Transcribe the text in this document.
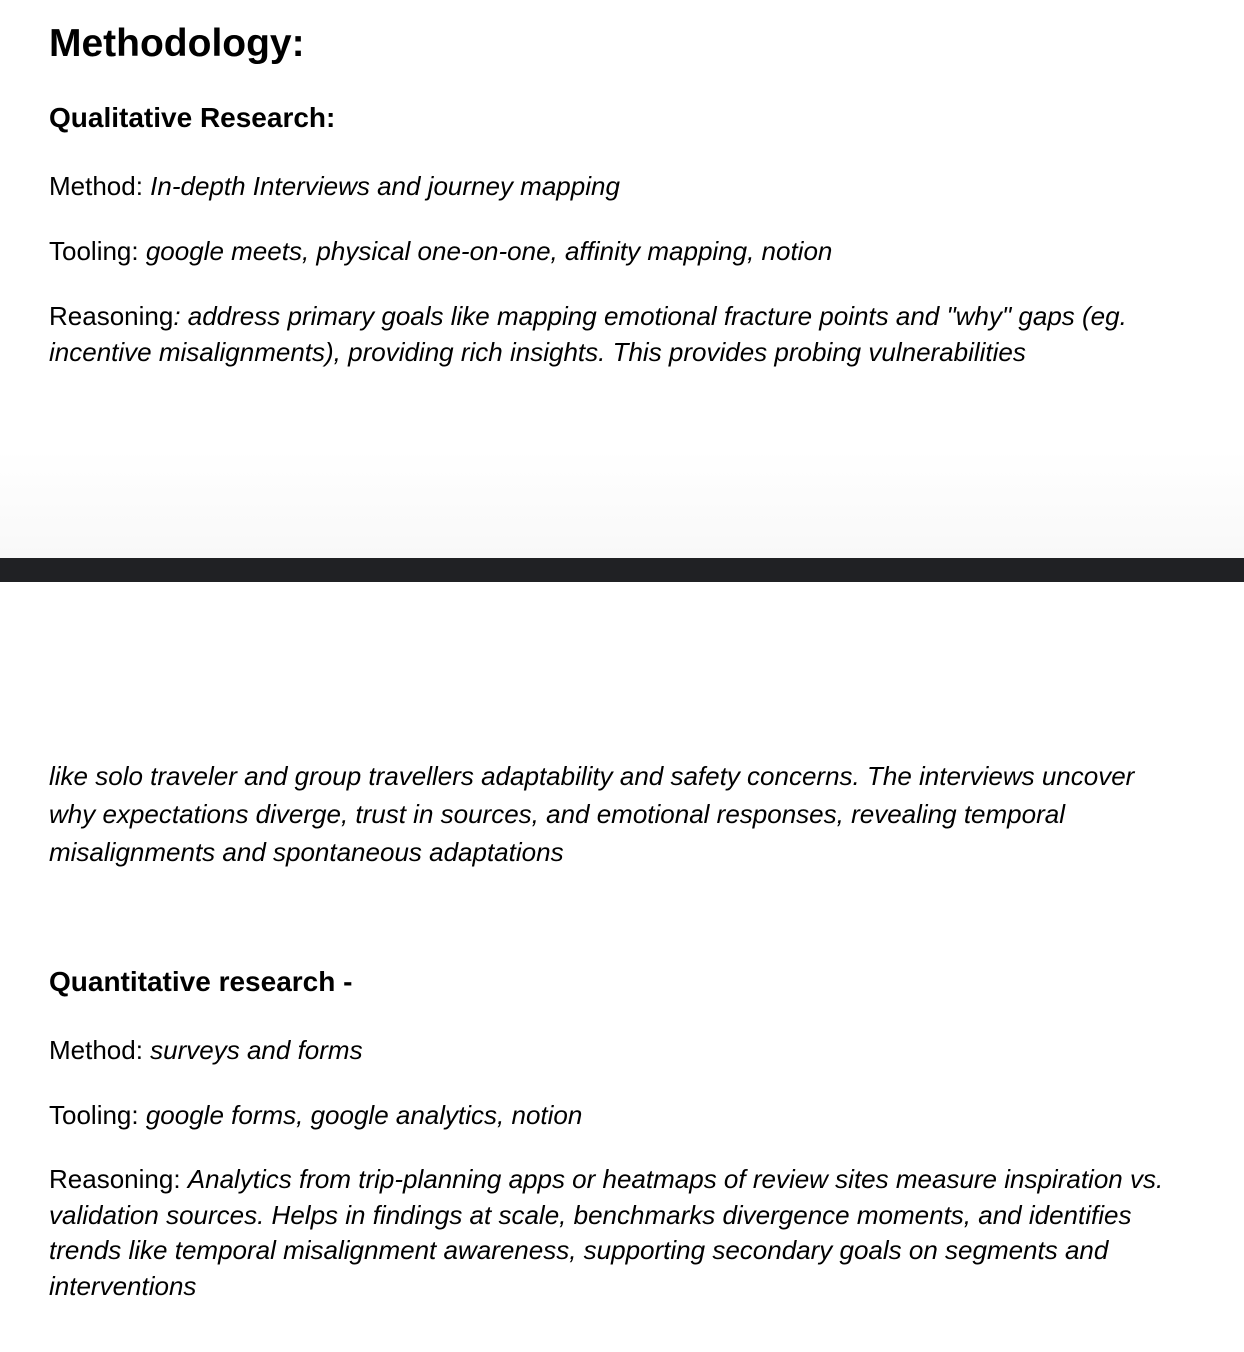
Methodology:
Qualitative Research:

Method: In-depth Interviews and journey mapping

Tooling: google meets, physical one-on-one, affinity mapping, notion

Reasoning: address primary goals like mapping emotional fracture points and "why" gaps (eg. incentive misalignments), providing rich insights. This provides probing vulnerabilities

like solo traveler and group travellers adaptability and safety concerns. The interviews uncover why expectations diverge, trust in sources, and emotional responses, revealing temporal misalignments and spontaneous adaptations

Quantitative research -

Method: surveys and forms

Tooling: google forms, google analytics, notion

Reasoning: Analytics from trip-planning apps or heatmaps of review sites measure inspiration vs. validation sources. Helps in findings at scale, benchmarks divergence moments, and identifies trends like temporal misalignment awareness, supporting secondary goals on segments and interventions
